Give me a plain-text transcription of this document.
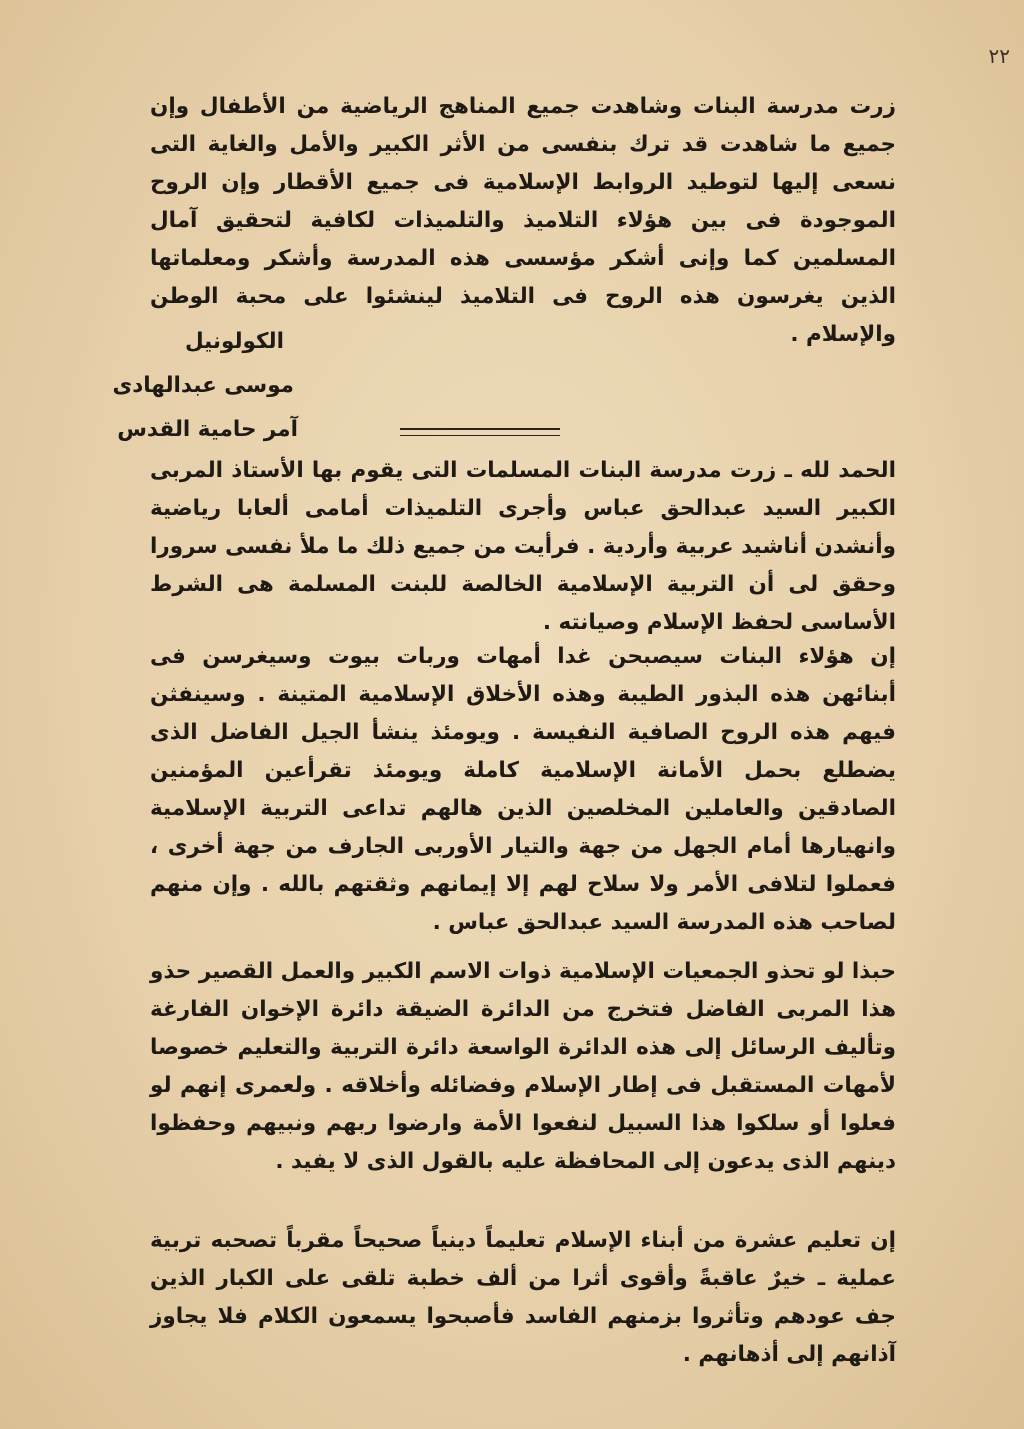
٢٢

زرت مدرسة البنات وشاهدت جميع المناهج الرياضية من الأطفال وإن جميع ما شاهدت قد ترك بنفسى من الأثر الكبير والأمل والغاية التى نسعى إليها لتوطيد الروابط الإسلامية فى جميع الأقطار وإن الروح الموجودة فى بين هؤلاء التلاميذ والتلميذات لكافية لتحقيق آمال المسلمين كما وإنى أشكر مؤسسى هذه المدرسة وأشكر ومعلماتها الذين يغرسون هذه الروح فى التلاميذ لينشئوا على محبة الوطن والإسلام .

الكولونيل
موسى عبدالهادى
آمر حامية القدس

الحمد لله ـ زرت مدرسة البنات المسلمات التى يقوم بها الأستاذ المربى الكبير السيد عبدالحق عباس وأجرى التلميذات أمامى ألعابا رياضية وأنشدن أناشيد عربية وأردية . فرأيت من جميع ذلك ما ملأ نفسى سرورا وحقق لى أن التربية الإسلامية الخالصة للبنت المسلمة هى الشرط الأساسى لحفظ الإسلام وصيانته .

إن هؤلاء البنات سيصبحن غدا أمهات وربات بيوت وسيغرسن فى أبنائهن هذه البذور الطيبة وهذه الأخلاق الإسلامية المتينة . وسينفثن فيهم هذه الروح الصافية النفيسة . ويومئذ ينشأ الجيل الفاضل الذى يضطلع بحمل الأمانة الإسلامية كاملة ويومئذ تقرأعين المؤمنين الصادقين والعاملين المخلصين الذين هالهم تداعى التربية الإسلامية وانهيارها أمام الجهل من جهة والتيار الأوربى الجارف من جهة أخرى ، فعملوا لتلافى الأمر ولا سلاح لهم إلا إيمانهم وثقتهم بالله . وإن منهم لصاحب هذه المدرسة السيد عبدالحق عباس .

حبذا لو تحذو الجمعيات الإسلامية ذوات الاسم الكبير والعمل القصير حذو هذا المربى الفاضل فتخرج من الدائرة الضيقة دائرة الإخوان الفارغة وتأليف الرسائل إلى هذه الدائرة الواسعة دائرة التربية والتعليم خصوصا لأمهات المستقبل فى إطار الإسلام وفضائله وأخلاقه . ولعمرى إنهم لو فعلوا أو سلكوا هذا السبيل لنفعوا الأمة وارضوا ربهم ونبيهم وحفظوا دينهم الذى يدعون إلى المحافظة عليه بالقول الذى لا يفيد .

إن تعليم عشرة من أبناء الإسلام تعليماً دينياً صحيحاً مقرباً تصحبه تربية عملية ـ خيرٌ عاقبةً وأقوى أثرا من ألف خطبة تلقى على الكبار الذين جف عودهم وتأثروا بزمنهم الفاسد فأصبحوا يسمعون الكلام فلا يجاوز آذانهم إلى أذهانهم .
